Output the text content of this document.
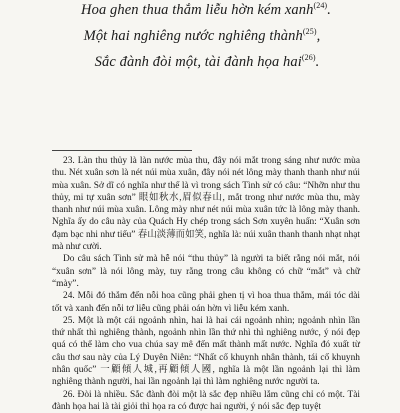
Hoa ghen thua thắm liễu hờn kém xanh$^{(24)}$.
Một hai nghiêng nước nghiêng thành$^{(25)}$,
Sắc đành đòi một, tài đành họa hai$^{(26)}$.

23. Làn thu thủy là làn nước mùa thu, đây nói mắt trong sáng như nước mùa thu. Nét xuân sơn là nét núi mùa xuân, đây nói nét lông mày thanh thanh như núi mùa xuân. Sở dĩ có nghĩa như thế là vì trong sách Tình sử có câu: “Nhỡn như thu thủy, mi tự xuân sơn” 眼如秋水,眉似春山, mắt trong như nước mùa thu, mày thanh như núi mùa xuân. Lông mày như nét núi mùa xuân tức là lông mày thanh. Nghĩa ấy do câu này của Quách Hy chép trong sách Sơn xuyên huấn: “Xuân sơn đạm bạc nhi như tiếu” 春山淡薄而如笑, nghĩa là: núi xuân thanh thanh nhạt nhạt mà như cười.

Do câu sách Tình sử mà hễ nói “thu thủy” là người ta biết rằng nói mắt, nói “xuân sơn” là nói lông mày, tuy rằng trong câu không có chữ “mắt” và chữ “mày”.

24. Mỗi đó thắm đến nỗi hoa cũng phải ghen tị vì hoa thua thắm, mái tóc dài tốt và xanh đến nỗi tơ liễu cũng phải oán hờn vì liễu kém xanh.

25. Một là một cái ngoảnh nhìn, hai là hai cái ngoảnh nhìn; ngoảnh nhìn lần thứ nhất thì nghiêng thành, ngoảnh nhìn lần thứ nhì thì nghiêng nước, ý nói đẹp quá có thể làm cho vua chúa say mê đến mất thành mất nước. Nghĩa đó xuất từ câu thơ sau này của Lý Duyên Niên: “Nhất cố khuynh nhân thành, tái cố khuynh nhân quốc” 一顧傾人城,再顧傾人國, nghĩa là một lần ngoảnh lại thì làm nghiêng thành người, hai lần ngoảnh lại thì làm nghiêng nước người ta.

26. Đòi là nhiều. Sắc đành đòi một là sắc đẹp nhiều lắm cũng chỉ có một. Tài đành họa hai là tài giỏi thì họa ra có được hai người, ý nói sắc đẹp tuyệt
